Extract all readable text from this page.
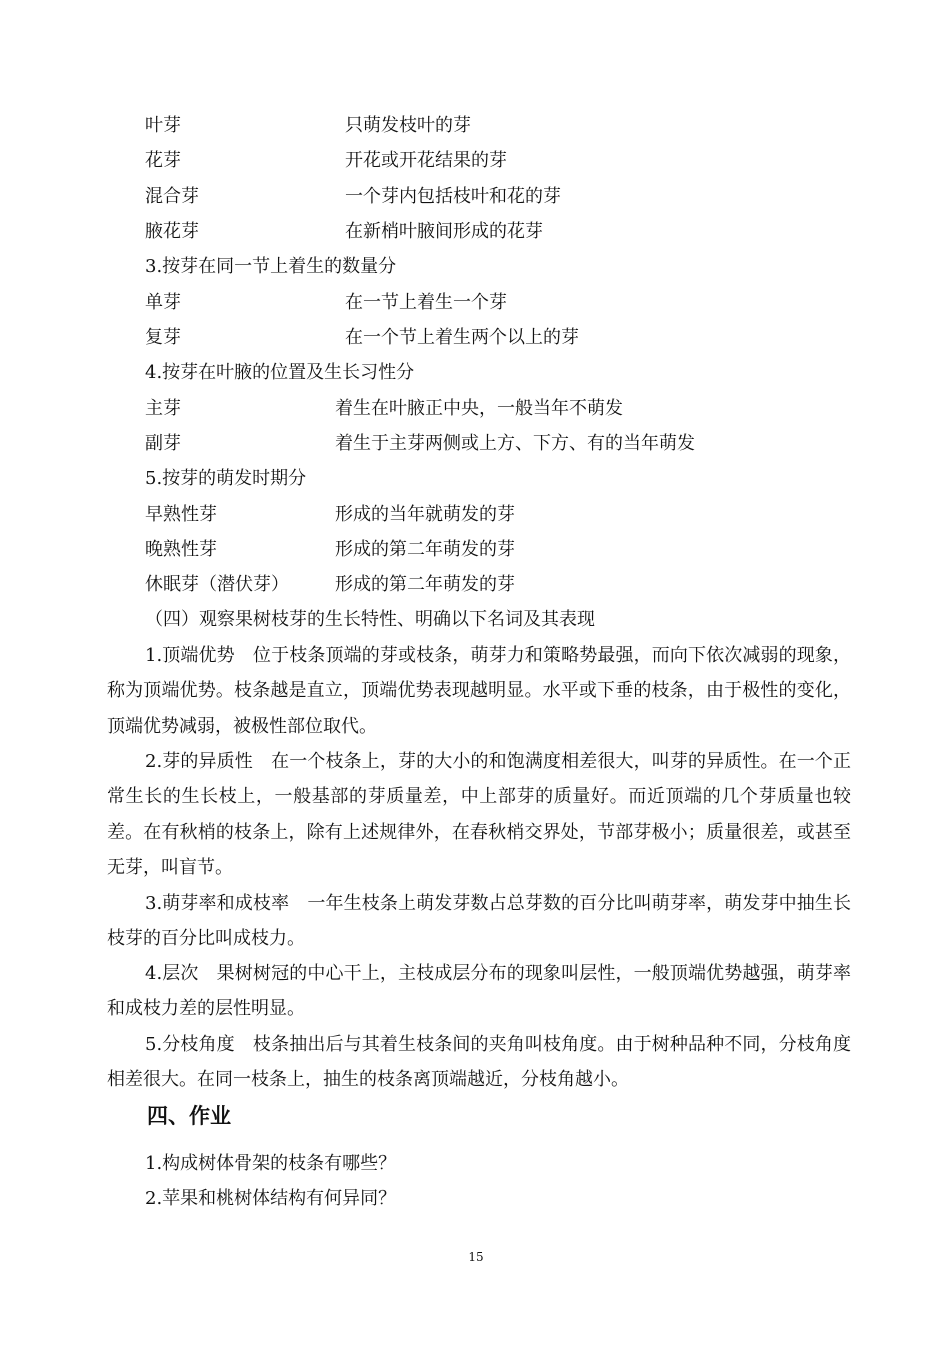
叶芽	只萌发枝叶的芽
花芽	开花或开花结果的芽
混合芽	一个芽内包括枝叶和花的芽
腋花芽	在新梢叶腋间形成的花芽
3.按芽在同一节上着生的数量分
单芽	在一节上着生一个芽
复芽	在一个节上着生两个以上的芽
4.按芽在叶腋的位置及生长习性分
主芽	着生在叶腋正中央，一般当年不萌发
副芽	着生于主芽两侧或上方、下方、有的当年萌发
5.按芽的萌发时期分
早熟性芽	形成的当年就萌发的芽
晚熟性芽	形成的第二年萌发的芽
休眠芽（潜伏芽）	形成的第二年萌发的芽
（四）观察果树枝芽的生长特性、明确以下名词及其表现

1.顶端优势　位于枝条顶端的芽或枝条，萌芽力和策略势最强，而向下依次减弱的现象，称为顶端优势。枝条越是直立，顶端优势表现越明显。水平或下垂的枝条，由于极性的变化，顶端优势减弱，被极性部位取代。

2.芽的异质性　在一个枝条上，芽的大小的和饱满度相差很大，叫芽的异质性。在一个正常生长的生长枝上，一般基部的芽质量差，中上部芽的质量好。而近顶端的几个芽质量也较差。在有秋梢的枝条上，除有上述规律外，在春秋梢交界处，节部芽极小；质量很差，或甚至无芽，叫盲节。

3.萌芽率和成枝率　一年生枝条上萌发芽数占总芽数的百分比叫萌芽率，萌发芽中抽生长枝芽的百分比叫成枝力。

4.层次　果树树冠的中心干上，主枝成层分布的现象叫层性，一般顶端优势越强，萌芽率和成枝力差的层性明显。

5.分枝角度　枝条抽出后与其着生枝条间的夹角叫枝角度。由于树种品种不同，分枝角度相差很大。在同一枝条上，抽生的枝条离顶端越近，分枝角越小。

四、作业
1.构成树体骨架的枝条有哪些？
2.苹果和桃树体结构有何异同？
15
